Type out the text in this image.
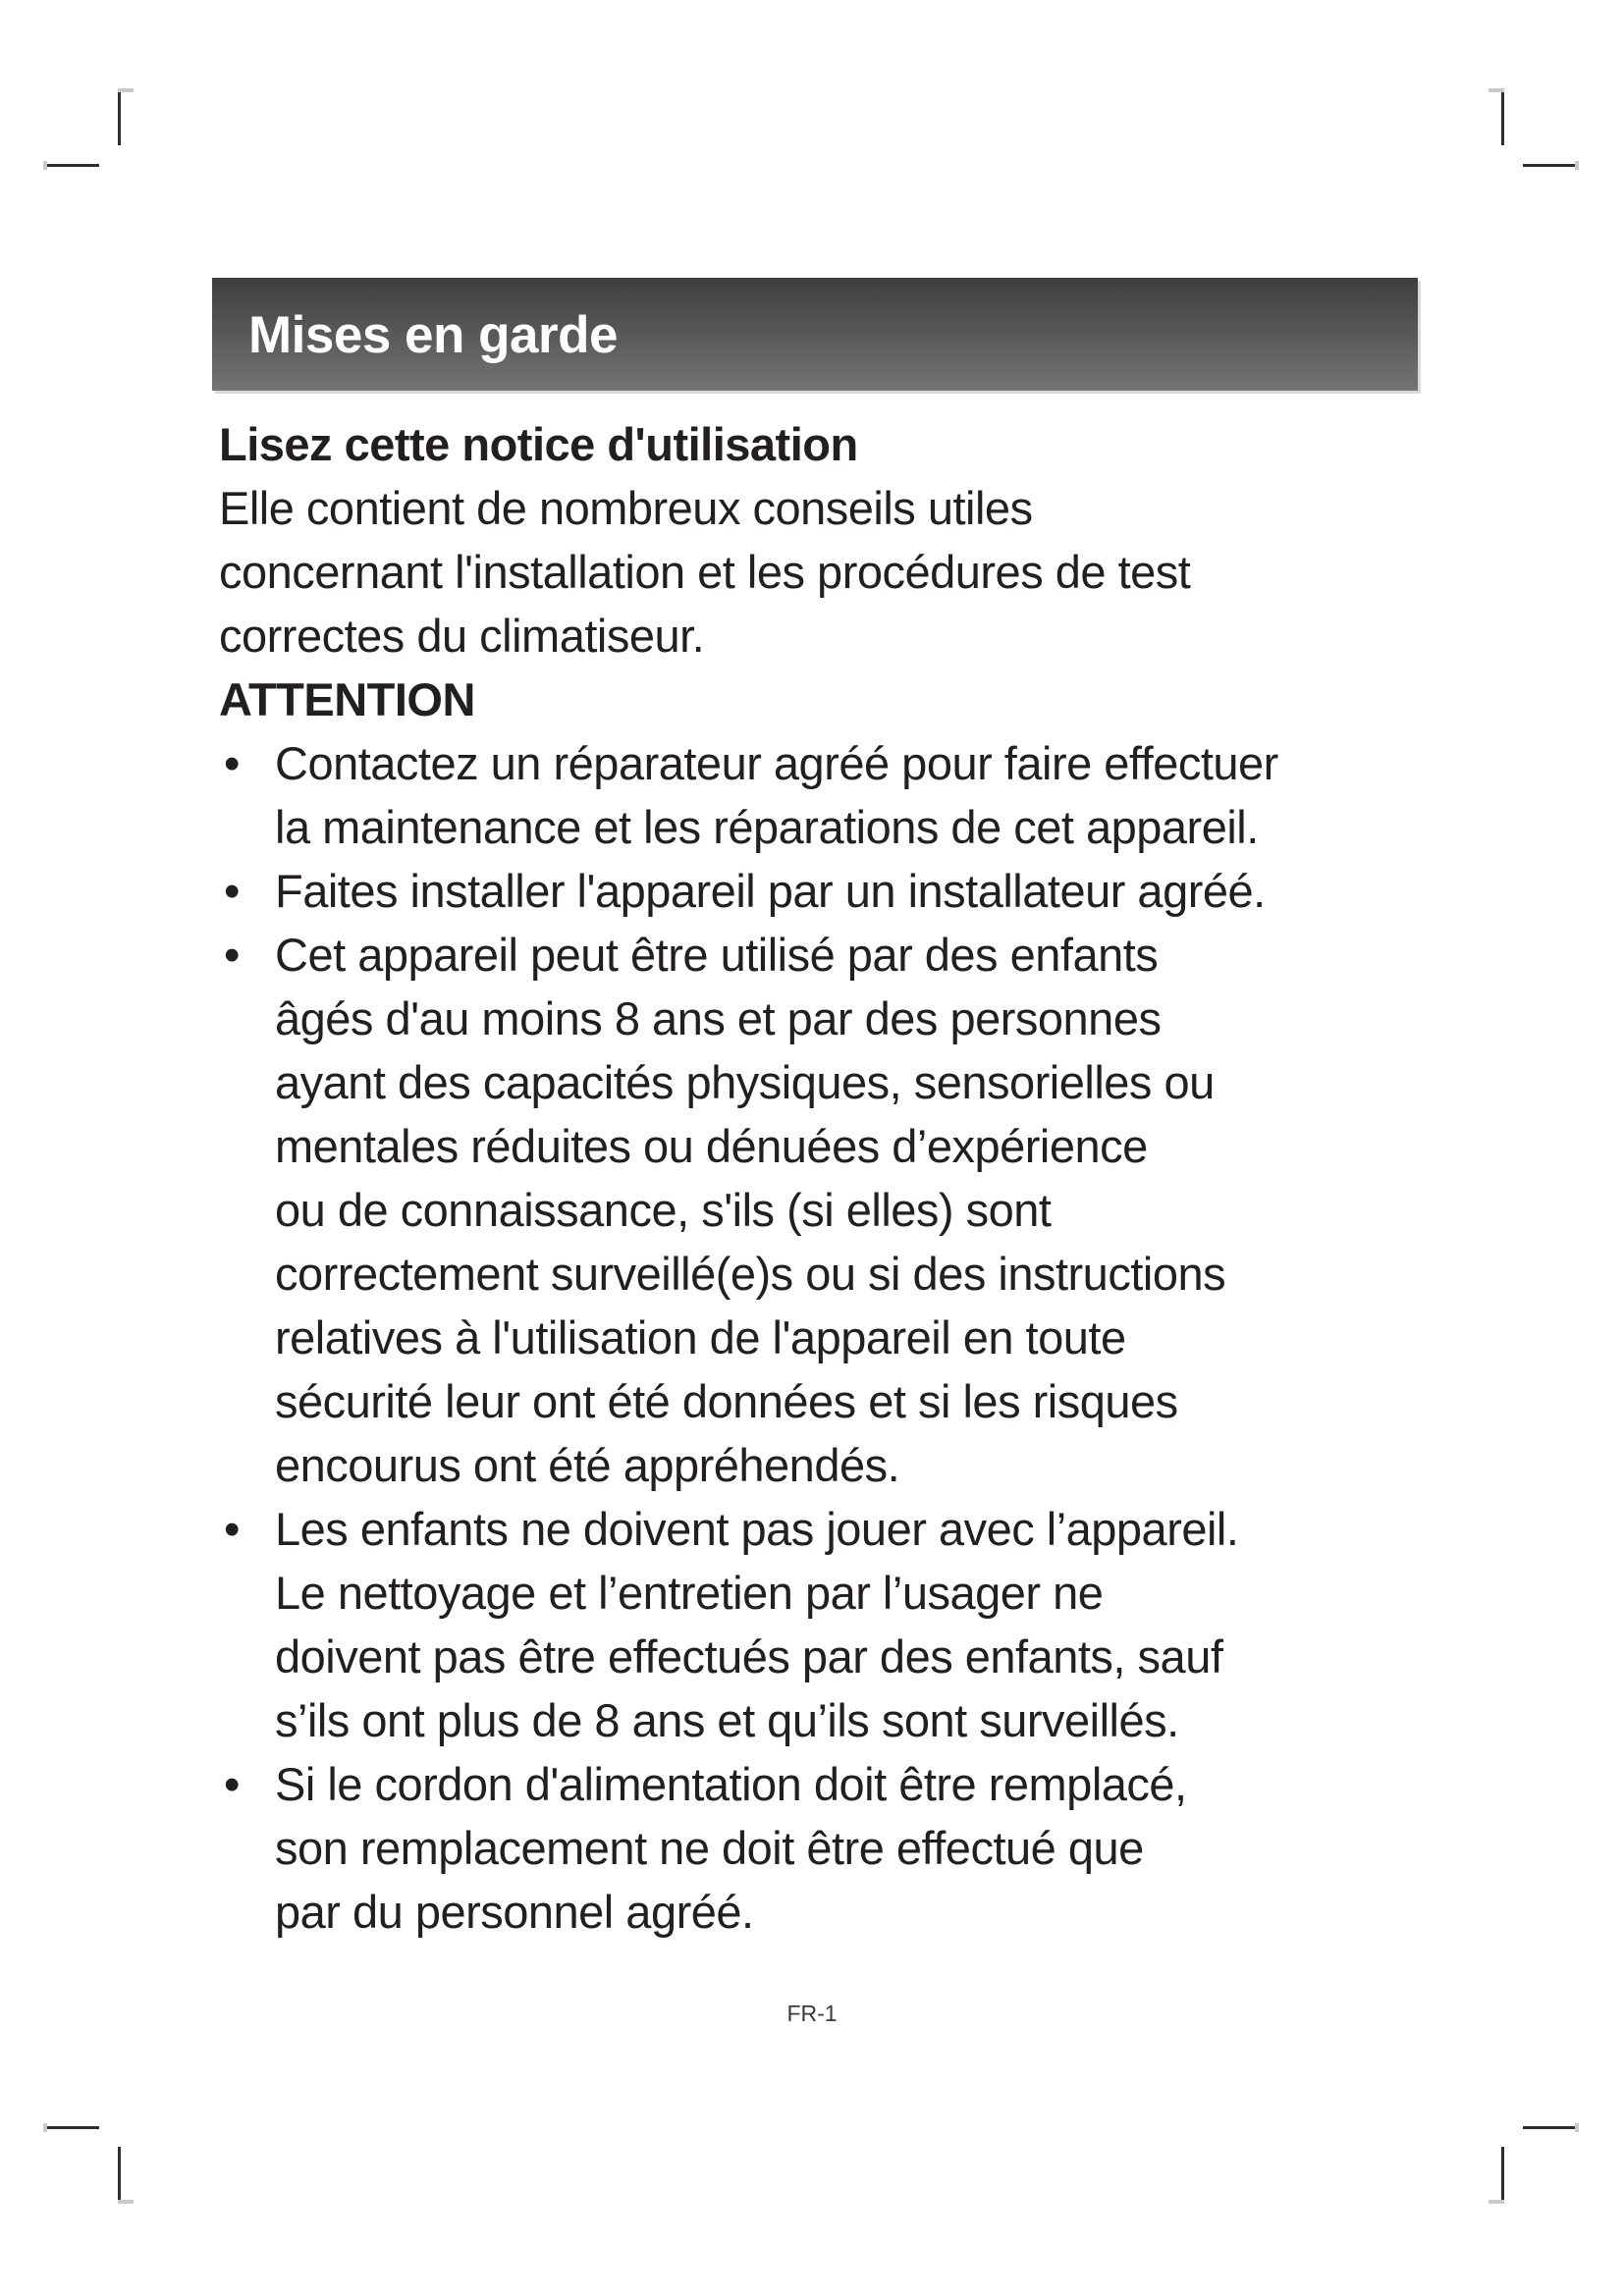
Mises en garde
Lisez cette notice d'utilisation
Elle contient de nombreux conseils utiles
concernant l'installation et les procédures de test
correctes du climatiseur.
ATTENTION
• Contactez un réparateur agréé pour faire effectuer
la maintenance et les réparations de cet appareil.
• Faites installer l'appareil par un installateur agréé.
• Cet appareil peut être utilisé par des enfants
âgés d'au moins 8 ans et par des personnes
ayant des capacités physiques, sensorielles ou
mentales réduites ou dénuées d’expérience
ou de connaissance, s'ils (si elles) sont
correctement surveillé(e)s ou si des instructions
relatives à l'utilisation de l'appareil en toute
sécurité leur ont été données et si les risques
encourus ont été appréhendés.
• Les enfants ne doivent pas jouer avec l’appareil.
Le nettoyage et l’entretien par l’usager ne
doivent pas être effectués par des enfants, sauf
s’ils ont plus de 8 ans et qu’ils sont surveillés.
• Si le cordon d'alimentation doit être remplacé,
son remplacement ne doit être effectué que
par du personnel agréé.
FR-1
